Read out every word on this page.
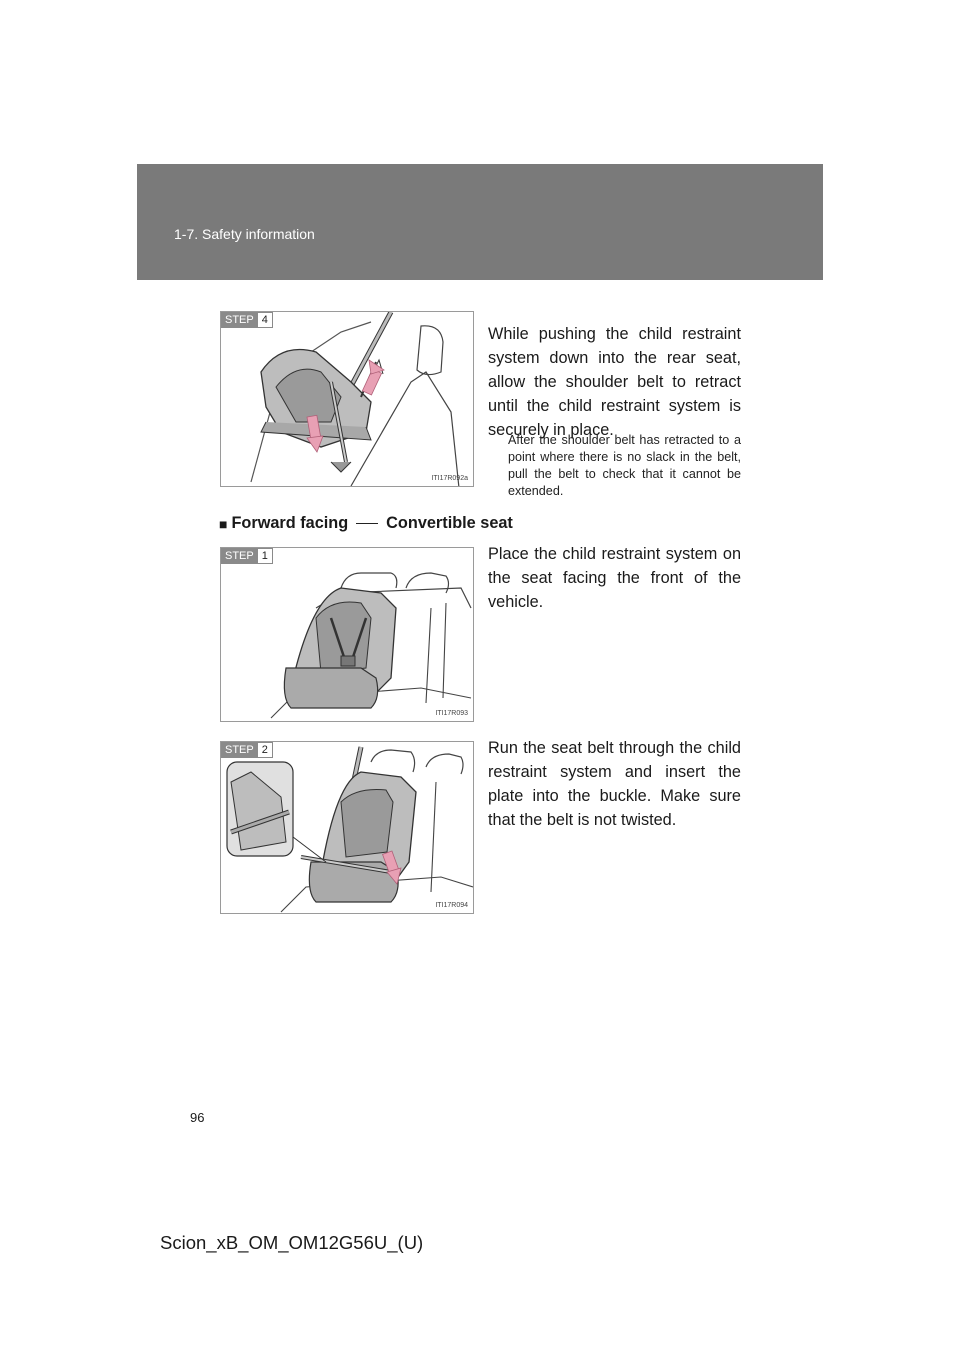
1-7. Safety information
STEP 4
ITI17R092a

While pushing the child restraint system down into the rear seat, allow the shoulder belt to retract until the child restraint system is securely in place.

After the shoulder belt has retracted to a point where there is no slack in the belt, pull the belt to check that it cannot be extended.

■ Forward facing Convertible seat
STEP 1
ITI17R093

Place the child restraint system on the seat facing the front of the vehicle.

STEP 2
ITI17R094

Run the seat belt through the child restraint system and insert the plate into the buckle. Make sure that the belt is not twisted.

96
Scion_xB_OM_OM12G56U_(U)
